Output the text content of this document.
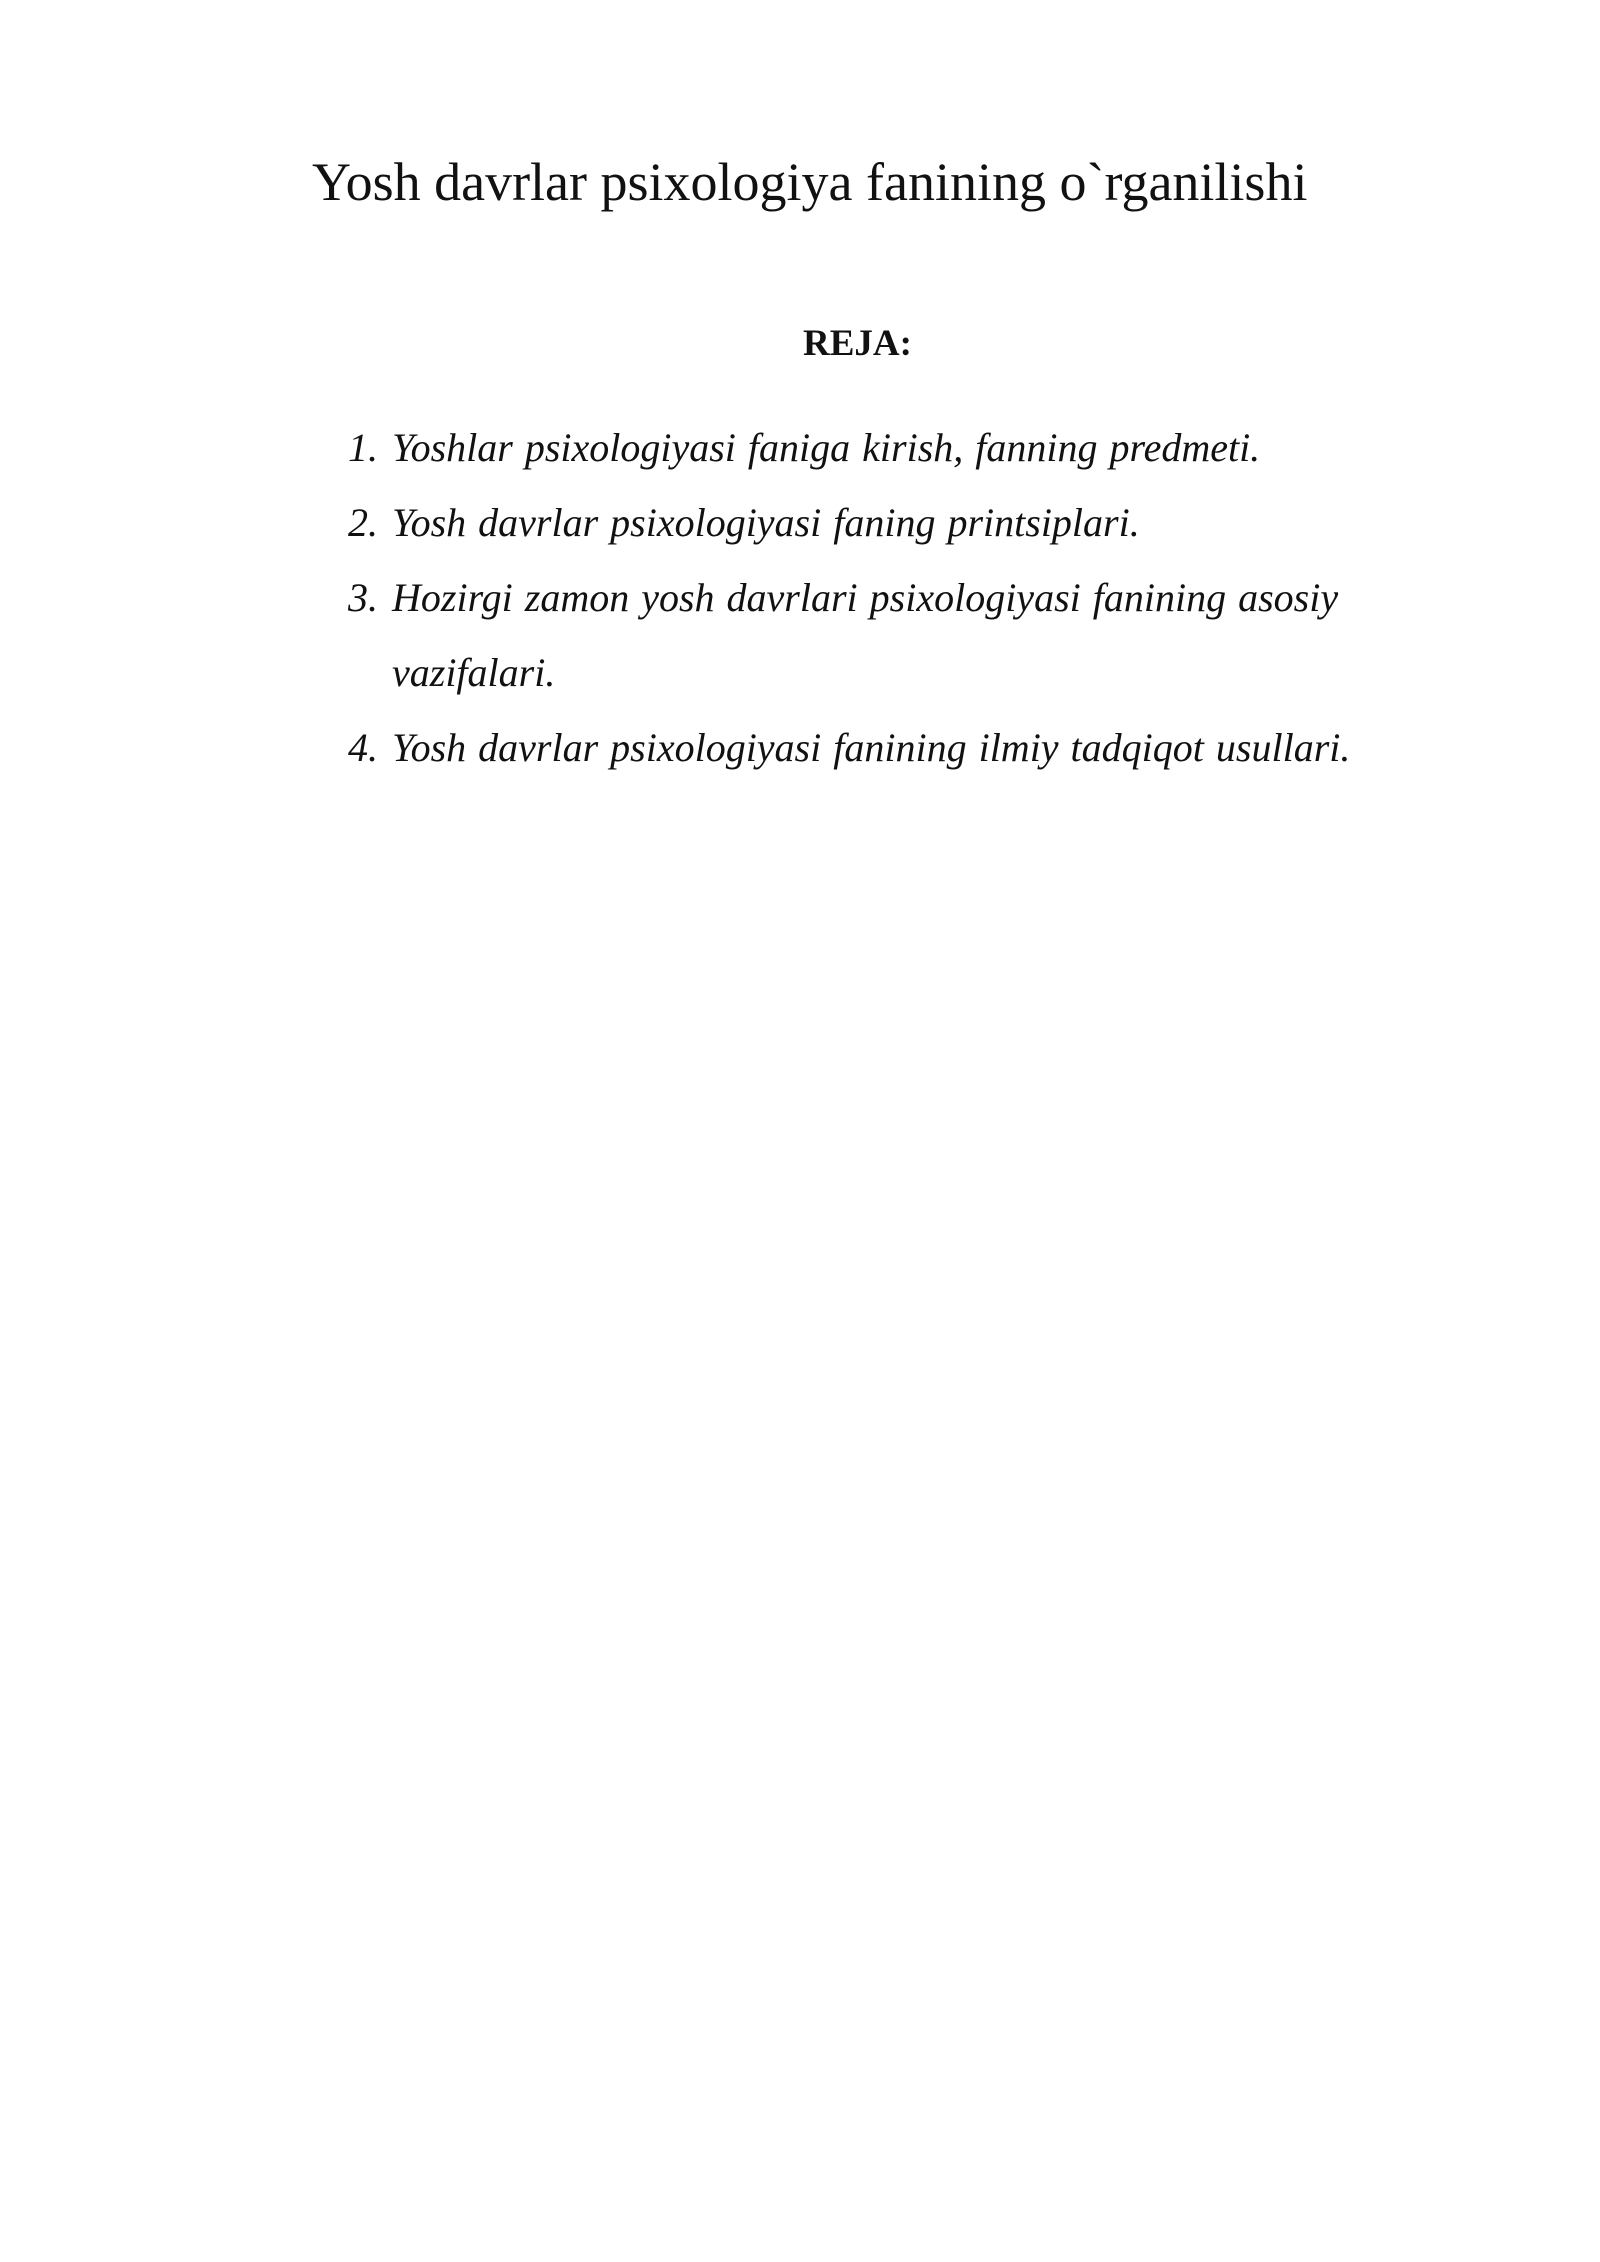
Yosh davrlar psixologiya fanining o`rganilishi
REJA:
1. Yoshlar psixologiyasi faniga kirish, fanning predmeti.
2. Yosh davrlar psixologiyasi faning printsiplari.
3. Hozirgi zamon yosh davrlari psixologiyasi fanining asosiy vazifalari.
4. Yosh davrlar psixologiyasi fanining ilmiy tadqiqot usullari.
